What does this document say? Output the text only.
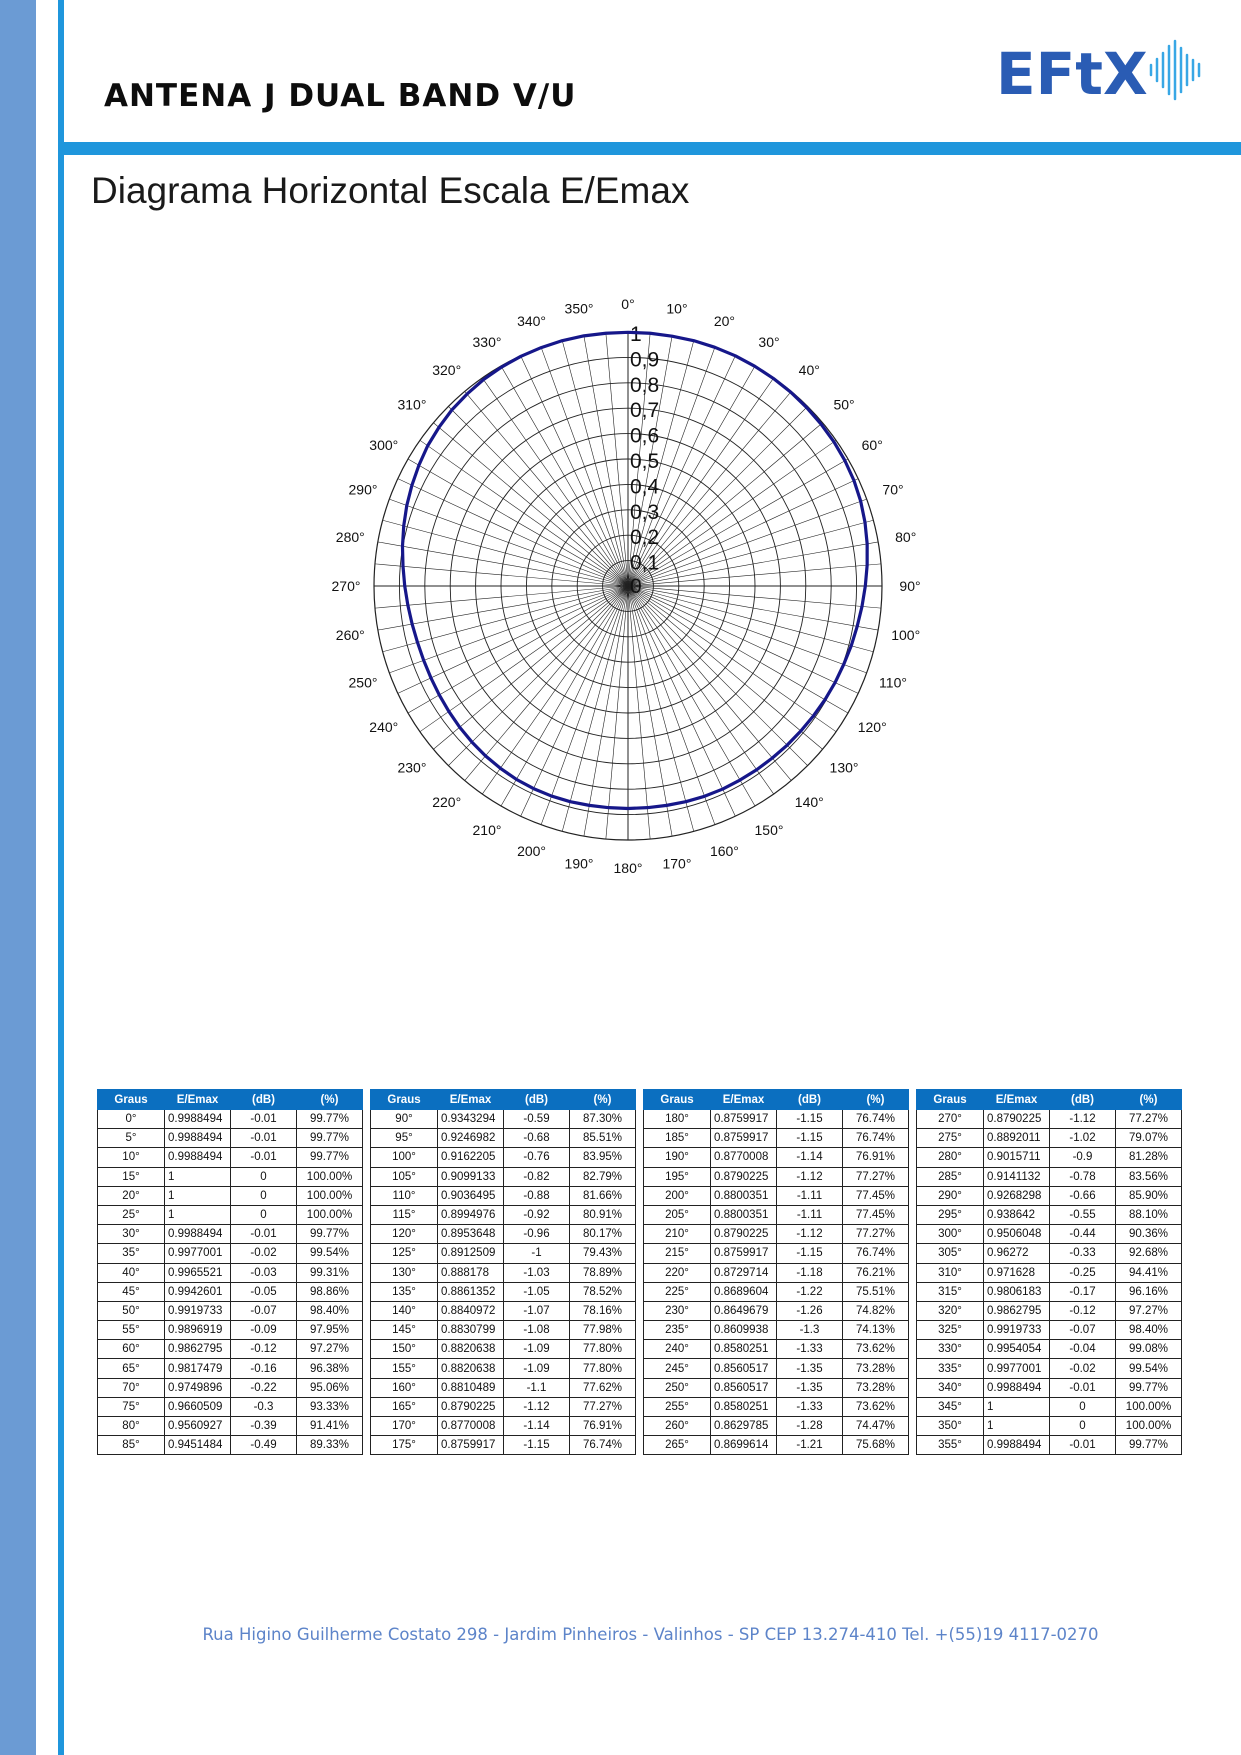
ANTENA J DUAL BAND V/U	EFtX
Diagrama Horizontal Escala E/Emax
0° 10°
20°
30°
40°
50°
60°
70°
80°
90°
100°
110°
120°
130°
140°
150°
160°
170°
180°
190°
200°
210°
220°
230°
240°
250°
260°
270°
280°
290°
300°
310°
320°
330°
340°
350°
0
0,1
0,2
0,3
0,4
0,5
0,6
0,7
0,8
0,9
1
Graus	E/Emax	(dB)	(%)
0°	0.9988494	-0.01	99.77%
5°	0.9988494	-0.01	99.77%
10°	0.9988494	-0.01	99.77%
15°	1	0	100.00%
20°	1	0	100.00%
25°	1	0	100.00%
30°	0.9988494	-0.01	99.77%
35°	0.9977001	-0.02	99.54%
40°	0.9965521	-0.03	99.31%
45°	0.9942601	-0.05	98.86%
50°	0.9919733	-0.07	98.40%
55°	0.9896919	-0.09	97.95%
60°	0.9862795	-0.12	97.27%
65°	0.9817479	-0.16	96.38%
70°	0.9749896	-0.22	95.06%
75°	0.9660509	-0.3	93.33%
80°	0.9560927	-0.39	91.41%
85°	0.9451484	-0.49	89.33%
Graus	E/Emax	(dB)	(%)
90°	0.9343294	-0.59	87.30%
95°	0.9246982	-0.68	85.51%
100°	0.9162205	-0.76	83.95%
105°	0.9099133	-0.82	82.79%
110°	0.9036495	-0.88	81.66%
115°	0.8994976	-0.92	80.91%
120°	0.8953648	-0.96	80.17%
125°	0.8912509	-1	79.43%
130°	0.888178	-1.03	78.89%
135°	0.8861352	-1.05	78.52%
140°	0.8840972	-1.07	78.16%
145°	0.8830799	-1.08	77.98%
150°	0.8820638	-1.09	77.80%
155°	0.8820638	-1.09	77.80%
160°	0.8810489	-1.1	77.62%
165°	0.8790225	-1.12	77.27%
170°	0.8770008	-1.14	76.91%
175°	0.8759917	-1.15	76.74%
Graus	E/Emax	(dB)	(%)
180°	0.8759917	-1.15	76.74%
185°	0.8759917	-1.15	76.74%
190°	0.8770008	-1.14	76.91%
195°	0.8790225	-1.12	77.27%
200°	0.8800351	-1.11	77.45%
205°	0.8800351	-1.11	77.45%
210°	0.8790225	-1.12	77.27%
215°	0.8759917	-1.15	76.74%
220°	0.8729714	-1.18	76.21%
225°	0.8689604	-1.22	75.51%
230°	0.8649679	-1.26	74.82%
235°	0.8609938	-1.3	74.13%
240°	0.8580251	-1.33	73.62%
245°	0.8560517	-1.35	73.28%
250°	0.8560517	-1.35	73.28%
255°	0.8580251	-1.33	73.62%
260°	0.8629785	-1.28	74.47%
265°	0.8699614	-1.21	75.68%
Graus	E/Emax	(dB)	(%)
270°	0.8790225	-1.12	77.27%
275°	0.8892011	-1.02	79.07%
280°	0.9015711	-0.9	81.28%
285°	0.9141132	-0.78	83.56%
290°	0.9268298	-0.66	85.90%
295°	0.938642	-0.55	88.10%
300°	0.9506048	-0.44	90.36%
305°	0.96272	-0.33	92.68%
310°	0.971628	-0.25	94.41%
315°	0.9806183	-0.17	96.16%
320°	0.9862795	-0.12	97.27%
325°	0.9919733	-0.07	98.40%
330°	0.9954054	-0.04	99.08%
335°	0.9977001	-0.02	99.54%
340°	0.9988494	-0.01	99.77%
345°	1	0	100.00%
350°	1	0	100.00%
355°	0.9988494	-0.01	99.77%

Rua Higino Guilherme Costato 298 - Jardim Pinheiros - Valinhos - SP CEP 13.274-410 Tel. +(55)19 4117-0270
